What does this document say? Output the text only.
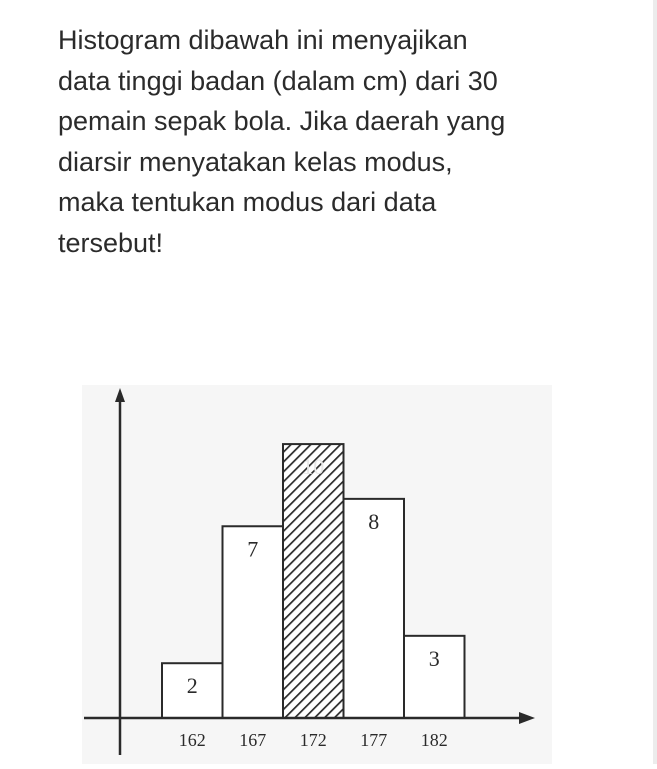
Histogram dibawah ini menyajikan
data tinggi badan (dalam cm) dari 30
pemain sepak bola. Jika daerah yang
diarsir menyatakan kelas modus,
maka tentukan modus dari data
tersebut!
2
162
7
167
10
172
8
177
3
182
